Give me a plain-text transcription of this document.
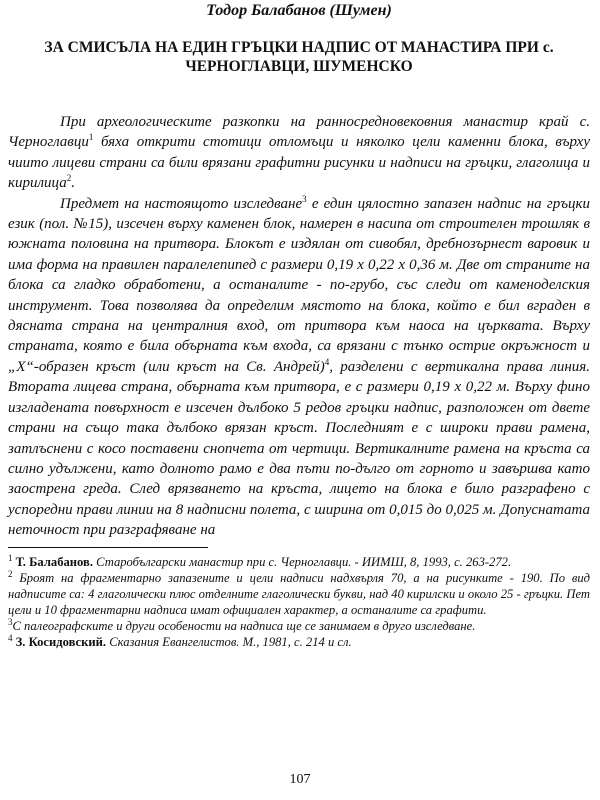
Тодор Балабанов (Шумен)
ЗА СМИСЪЛА НА ЕДИН ГРЪЦКИ НАДПИС ОТ МАНАСТИРА ПРИ с. ЧЕРНОГЛАВЦИ, ШУМЕНСКО

При археологическите разкопки на ранносредновековния манастир край с. Черноглавци$^1$ бяха открити стотици отломъци и няколко цели каменни блока, върху чиито лицеви страни са били врязани графитни рисунки и надписи на гръцки, глаголица и кирилица$^2$.

Предмет на настоящото изследване$^3$ е един цялостно запазен надпис на гръцки език (пол. №15), изсечен върху каменен блок, намерен в насипа от строителен трошляк в южната половина на притвора. Блокът е издялан от сивобял, дребнозърнест варовик и има форма на правилен паралелепипед с размери 0,19 х 0,22 х 0,36 м. Две от страните на блока са гладко обработени, а останалите - по-грубо, със следи от каменоделския инструмент. Това позволява да определим мястото на блока, който е бил вграден в дясната страна на централния вход, от притвора към наоса на църквата. Върху страната, която е била обърната към входа, са врязани с тънко острие окръжност и „Х“-образен кръст (или кръст на Св. Андрей)$^4$, разделени с вертикална права линия. Втората лицева страна, обърната към притвора, е с размери 0,19 х 0,22 м. Върху фино изгладената повърхност е изсечен дълбоко 5 редов гръцки надпис, разположен от двете страни на също така дълбоко врязан кръст. Последният е с широки прави рамена, затлъснени с косо поставени снопчета от чертици. Вертикалните рамена на кръста са силно удължени, като долното рамо е два пъти по-дълго от горното и завършва като заострена греда. След врязването на кръста, лицето на блока е било разграфено с успоредни прави линии на 8 надписни полета, с ширина от 0,015 до 0,025 м. Допуснатата неточност при разграфяване на

$^1$ Т. Балабанов. Старобългарски манастир при с. Черноглавци. - ИИМШ, 8, 1993, с. 263-272.

$^2$ Броят на фрагментарно запазените и цели надписи надхвърля 70, а на рисунките - 190. По вид надписите са: 4 глаголически плюс отделните глаголически букви, над 40 кирилски и около 25 - гръцки. Пет цели и 10 фрагментарни надписа имат официален характер, а останалите са графити.

$^3$С палеографските и други особености на надписа ще се занимаем в друго изследване.

$^4$ З. Косидовский. Сказания Евангелистов. М., 1981, с. 214 и сл.

107
